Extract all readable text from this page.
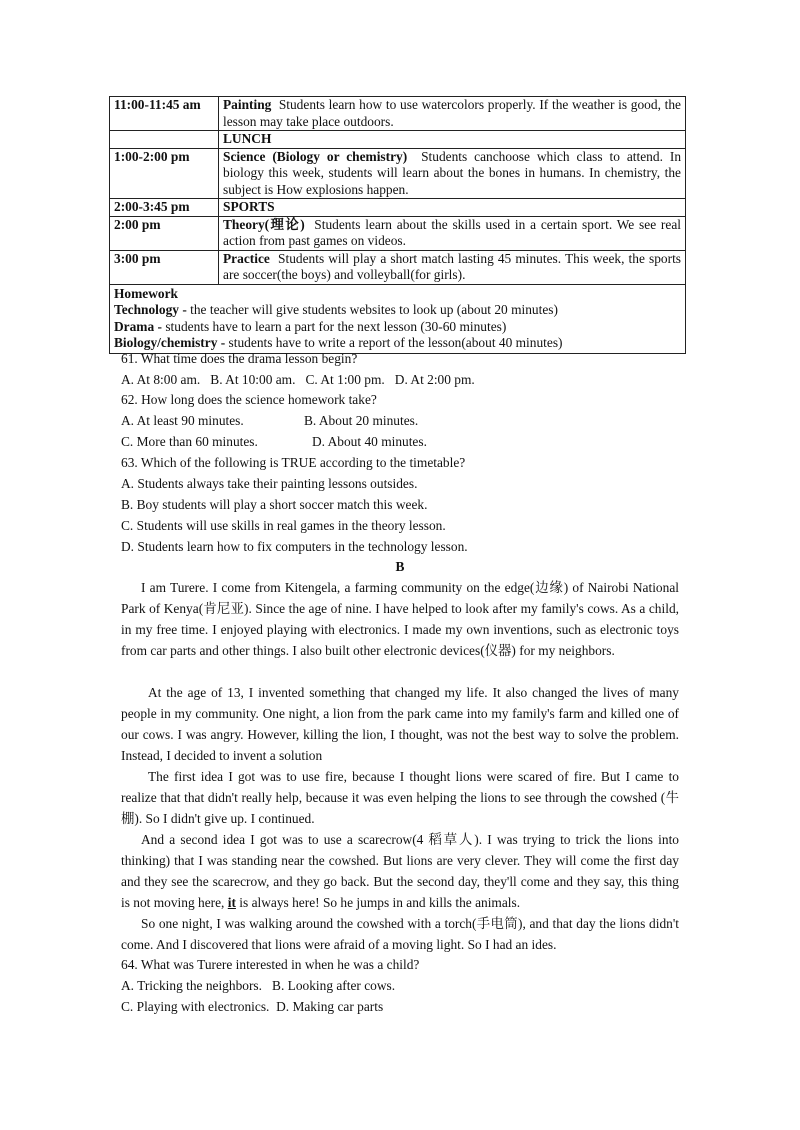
11:00-11:45 am	Painting Students learn how to use watercolors properly. If the weather is good, the lesson may take place outdoors.
	LUNCH
1:00-2:00 pm	Science (Biology or chemistry) Students canchoose which class to attend. In biology this week, students will learn about the bones in humans. In chemistry, the subject is How explosions happen.
2:00-3:45 pm	SPORTS
2:00 pm	Theory(理论) Students learn about the skills used in a certain sport. We see real action from past games on videos.
3:00 pm	Practice Students will play a short match lasting 45 minutes. This week, the sports are soccer(the boys) and volleyball(for girls).

Homework
Technology - the teacher will give students websites to look up (about 20 minutes)
Drama - students have to learn a part for the next lesson (30-60 minutes)
Biology/chemistry - students have to write a report of the lesson(about 40 minutes)	
61. What time does the drama lesson begin?
A. At 8:00 am.   B. At 10:00 am.   C. At 1:00 pm.   D. At 2:00 pm.
62. How long does the science homework take?
A. At least 90 minutes.	B. About 20 minutes.
C. More than 60 minutes.	D. About 40 minutes.
63. Which of the following is TRUE according to the timetable?
A. Students always take their painting lessons outsides.
B. Boy students will play a short soccer match this week.
C. Students will use skills in real games in the theory lesson.
D. Students learn how to fix computers in the technology lesson.
B
I am Turere. I come from Kitengela, a farming community on the edge(边缘) of Nairobi National Park of Kenya(肯尼亚). Since the age of nine. I have helped to look after my family's cows. As a child, in my free time. I enjoyed playing with electronics. I made my own inventions, such as electronic toys from car parts and other things. I also built other electronic devices(仪器) for my neighbors.
At the age of 13, I invented something that changed my life. It also changed the lives of many people in my community. One night, a lion from the park came into my family's farm and killed one of our cows. I was angry. However, killing the lion, I thought, was not the best way to solve the problem. Instead, I decided to invent a solution
The first idea I got was to use fire, because I thought lions were scared of fire. But I came to realize that that didn't really help, because it was even helping the lions to see through the cowshed (牛棚). So I didn't give up. I continued.
And a second idea I got was to use a scarecrow(4 稻草人). I was trying to trick the lions into thinking) that I was standing near the cowshed. But lions are very clever. They will come the first day and they see the scarecrow, and they go back. But the second day, they'll come and they say, this thing is not moving here, it is always here! So he jumps in and kills the animals.
So one night, I was walking around the cowshed with a torch(手电筒), and that day the lions didn't come. And I discovered that lions were afraid of a moving light. So I had an ides.
64. What was Turere interested in when he was a child?
A. Tricking the neighbors.   B. Looking after cows.
C. Playing with electronics.  D. Making car parts
